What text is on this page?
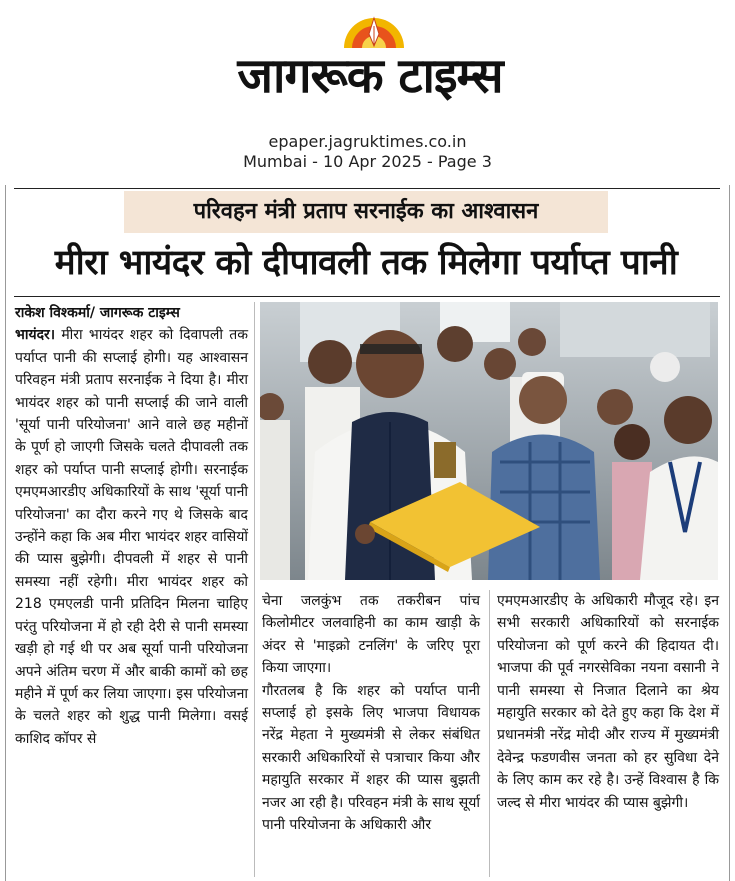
जागरूक टाइम्स
epaper.jagruktimes.co.in
Mumbai - 10 Apr 2025 - Page 3
परिवहन मंत्री प्रताप सरनाईक का आश्वासन
मीरा भायंदर को दीपावली तक मिलेगा पर्याप्त पानी
राकेश विश्कर्मा/ जागरूक टाइम्स

भायंदर। मीरा भायंदर शहर को दिवापली तक पर्याप्त पानी की सप्लाई होगी। यह आश्वासन परिवहन मंत्री प्रताप सरनाईक ने दिया है। मीरा भायंदर शहर को पानी सप्लाई की जाने वाली 'सूर्या पानी परियोजना' आने वाले छह महीनों के पूर्ण हो जाएगी जिसके चलते दीपावली तक शहर को पर्याप्त पानी सप्लाई होगी। सरनाईक एमएमआरडीए अधिकारियों के साथ 'सूर्या पानी परियोजना' का दौरा करने गए थे जिसके बाद उन्होंने कहा कि अब मीरा भायंदर शहर वासियों की प्यास बुझेगी। दीपवली में शहर से पानी समस्या नहीं रहेगी। मीरा भायंदर शहर को 218 एमएलडी पानी प्रतिदिन मिलना चाहिए परंतु परियोजना में हो रही देरी से पानी समस्या खड़ी हो गई थी पर अब सूर्या पानी परियोजना अपने अंतिम चरण में और बाकी कामों को छह महीने में पूर्ण कर लिया जाएगा। इस परियोजना के चलते शहर को शुद्ध पानी मिलेगा। वसई काशिद कॉपर से

चेना जलकुंभ तक तकरीबन पांच किलोमीटर जलवाहिनी का काम खाड़ी के अंदर से 'माइक्रो टनलिंग' के जरिए पूरा किया जाएगा।

गौरतलब है कि शहर को पर्याप्त पानी सप्लाई हो इसके लिए भाजपा विधायक नरेंद्र मेहता ने मुख्यमंत्री से लेकर संबंधित सरकारी अधिकारियों से पत्राचार किया और महायुति सरकार में शहर की प्यास बुझती नजर आ रही है। परिवहन मंत्री के साथ सूर्या पानी परियोजना के अधिकारी और

एमएमआरडीए के अधिकारी मौजूद रहे। इन सभी सरकारी अधिकारियों को सरनाईक परियोजना को पूर्ण करने की हिदायत दी। भाजपा की पूर्व नगरसेविका नयना वसानी ने पानी समस्या से निजात दिलाने का श्रेय महायुति सरकार को देते हुए कहा कि देश में प्रधानमंत्री नरेंद्र मोदी और राज्य में मुख्यमंत्री देवेन्द्र फडणवीस जनता को हर सुविधा देने के लिए काम कर रहे है। उन्हें विश्वास है कि जल्द से मीरा भायंदर की प्यास बुझेगी।
